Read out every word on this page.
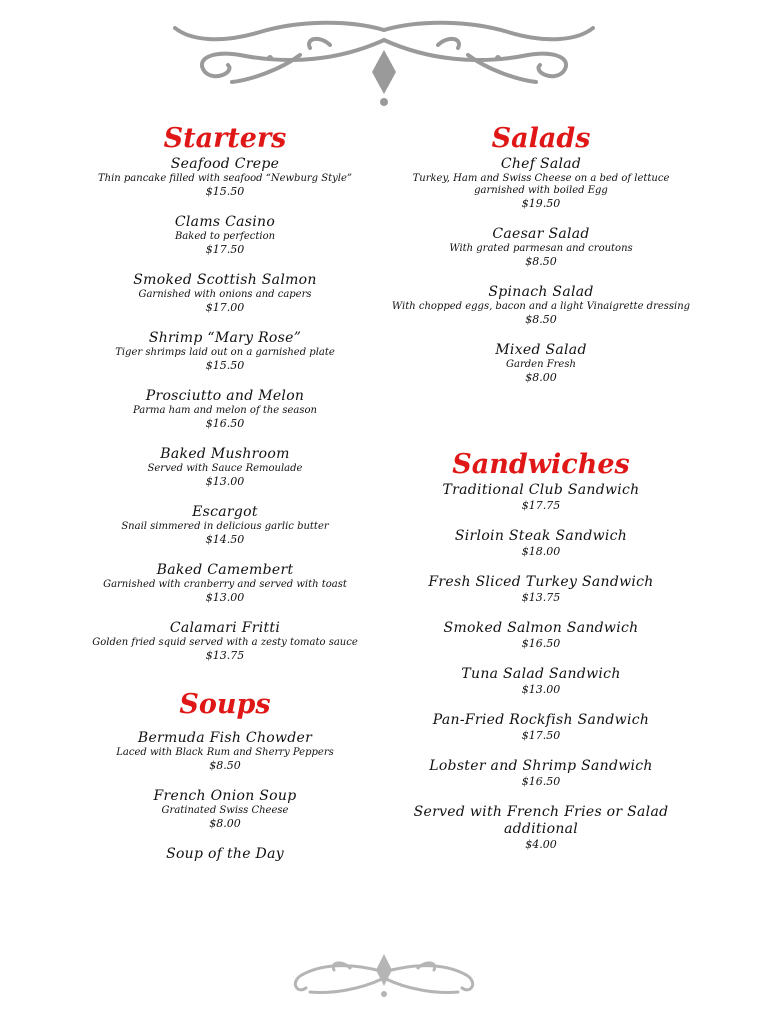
Starters
Seafood Crepe
Thin pancake filled with seafood “Newburg Style”
$15.50
Clams Casino
Baked to perfection
$17.50
Smoked Scottish Salmon
Garnished with onions and capers
$17.00
Shrimp “Mary Rose”
Tiger shrimps laid out on a garnished plate
$15.50
Prosciutto and Melon
Parma ham and melon of the season
$16.50
Baked Mushroom
Served with Sauce Remoulade
$13.00
Escargot
Snail simmered in delicious garlic butter
$14.50
Baked Camembert
Garnished with cranberry and served with toast
$13.00
Calamari Fritti
Golden fried squid served with a zesty tomato sauce
$13.75
Soups
Bermuda Fish Chowder
Laced with Black Rum and Sherry Peppers
$8.50
French Onion Soup
Gratinated Swiss Cheese
$8.00
Soup of the Day
Salads
Chef Salad
Turkey, Ham and Swiss Cheese on a bed of lettuce garnished with boiled Egg
$19.50
Caesar Salad
With grated parmesan and croutons
$8.50
Spinach Salad
With chopped eggs, bacon and a light Vinaigrette dressing
$8.50
Mixed Salad
Garden Fresh
$8.00
Sandwiches
Traditional Club Sandwich
$17.75
Sirloin Steak Sandwich
$18.00
Fresh Sliced Turkey Sandwich
$13.75
Smoked Salmon Sandwich
$16.50
Tuna Salad Sandwich
$13.00
Pan-Fried Rockfish Sandwich
$17.50
Lobster and Shrimp Sandwich
$16.50
Served with French Fries or Salad additional
$4.00
